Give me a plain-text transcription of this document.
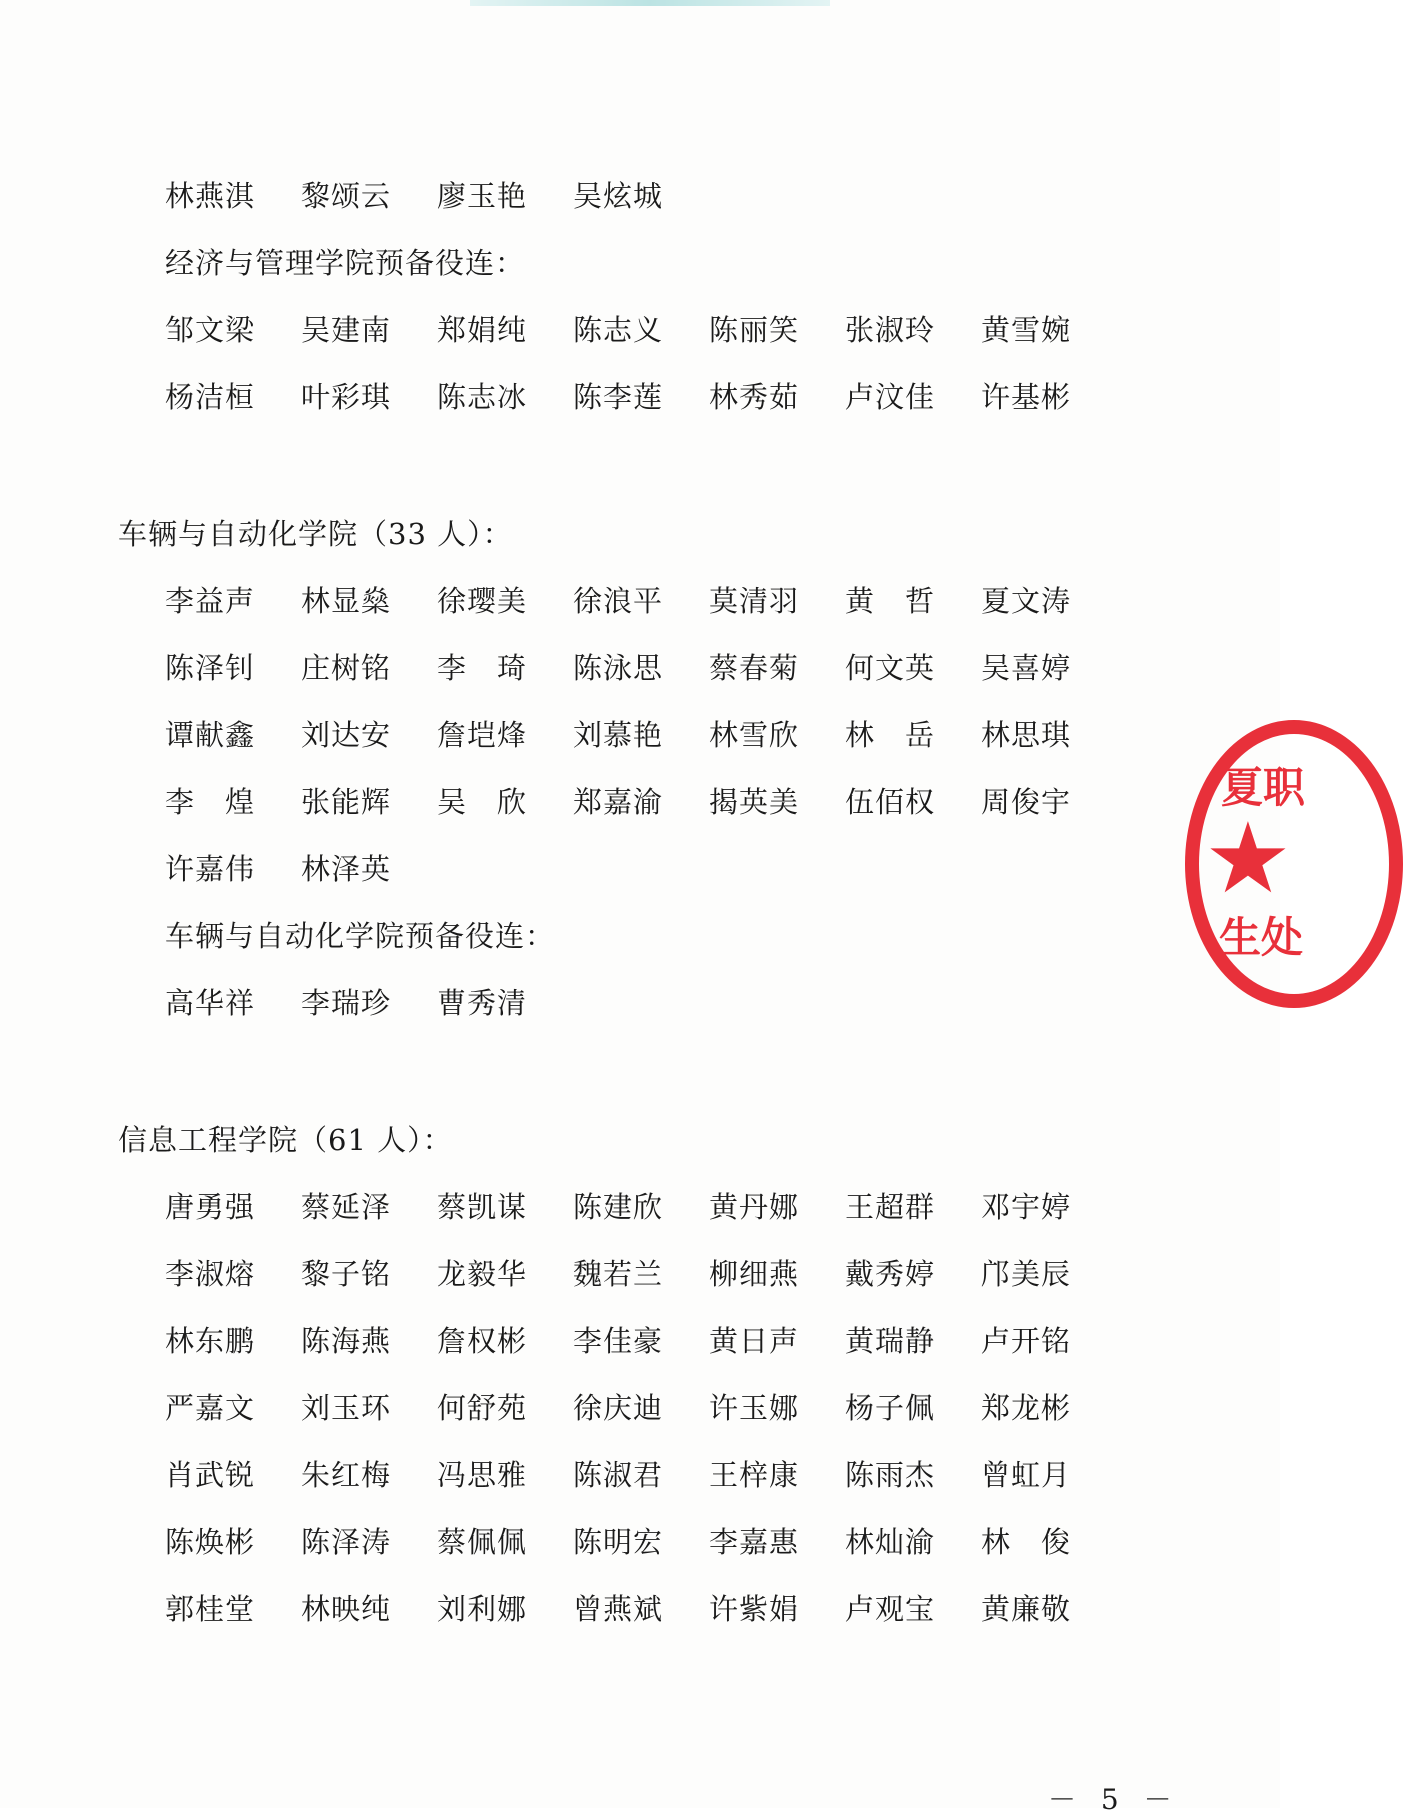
林燕淇	黎颂云	廖玉艳	吴炫城
经济与管理学院预备役连：
邹文梁	吴建南	郑娟纯	陈志义	陈丽笑	张淑玲	黄雪婉
杨洁桓	叶彩琪	陈志冰	陈李莲	林秀茹	卢汶佳	许基彬
车辆与自动化学院（33 人）：
李益声	林显燊	徐璎美	徐浪平	莫清羽	黄　哲	夏文涛
陈泽钊	庄树铭	李　琦	陈泳思	蔡春菊	何文英	吴喜婷
谭献鑫	刘达安	詹垲烽	刘慕艳	林雪欣	林　岳	林思琪
李　煌	张能辉	吴　欣	郑嘉渝	揭英美	伍佰权	周俊宇
许嘉伟	林泽英
车辆与自动化学院预备役连：
高华祥	李瑞珍	曹秀清
信息工程学院（61 人）：
唐勇强	蔡延泽	蔡凯谋	陈建欣	黄丹娜	王超群	邓宇婷
李淑熔	黎子铭	龙毅华	魏若兰	柳细燕	戴秀婷	邝美辰
林东鹏	陈海燕	詹权彬	李佳豪	黄日声	黄瑞静	卢开铭
严嘉文	刘玉环	何舒苑	徐庆迪	许玉娜	杨子佩	郑龙彬
肖武锐	朱红梅	冯思雅	陈淑君	王梓康	陈雨杰	曾虹月
陈焕彬	陈泽涛	蔡佩佩	陈明宏	李嘉惠	林灿渝	林　俊
郭桂堂	林映纯	刘利娜	曾燕斌	许紫娟	卢观宝	黄廉敬
－ 5 －
夏职
★
生处
